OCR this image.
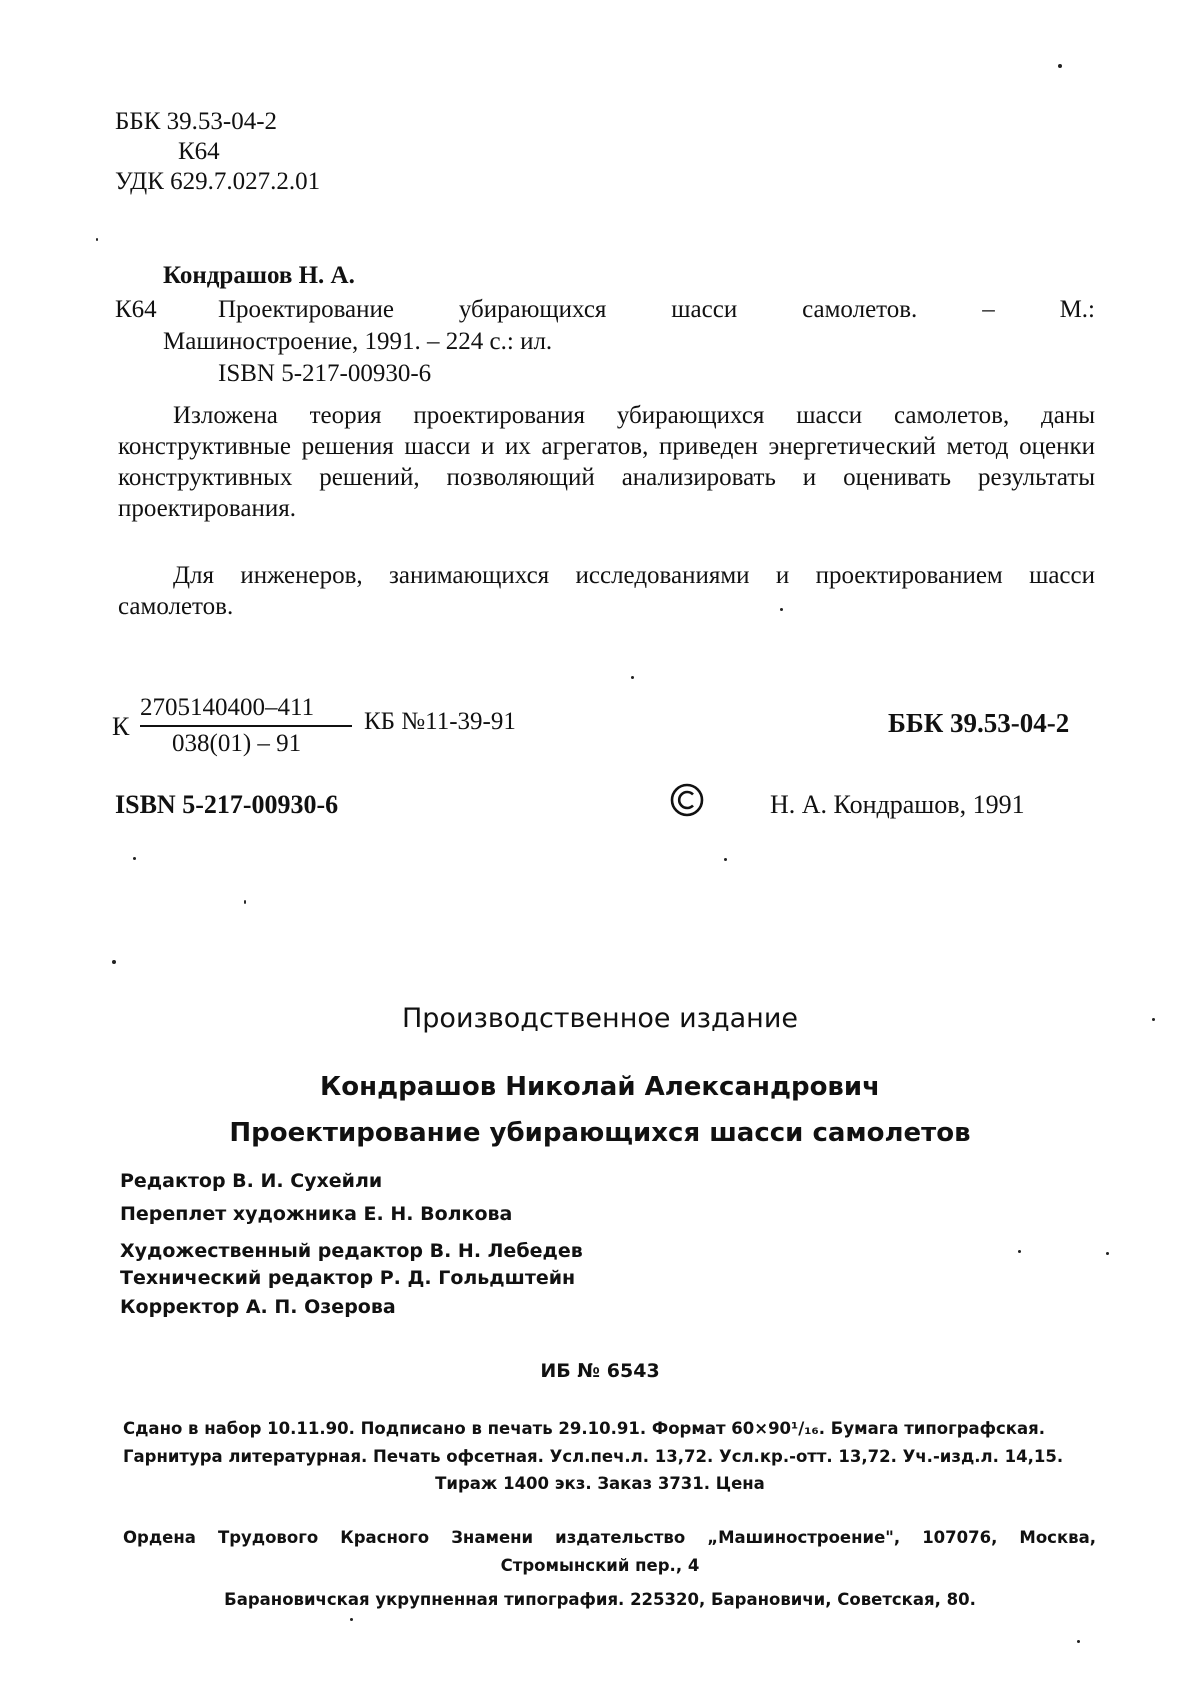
ББК 39.53-04-2
К64
УДК 629.7.027.2.01
Кондрашов Н. А.
К64 Проектирование убирающихся шасси самолетов. – М.:
Машиностроение, 1991. – 224 с.: ил.
ISBN 5-217-00930-6
Изложена теория проектирования убирающихся шасси самолетов, даны конструктивные решения шасси и их агрегатов, приведен энергетический метод оценки конструктивных решений, позволяющий анализировать и оценивать результаты проектирования.
Для инженеров, занимающихся исследованиями и проектированием шасси самолетов.
К
2705140400–411
038(01) – 91
КБ №11-39-91	ББК 39.53-04-2
ISBN 5-217-00930-6	Н. А. Кондрашов, 1991
Производственное издание
Кондрашов Николай Александрович
Проектирование убирающихся шасси самолетов
Редактор В. И. Сухейли
Переплет художника Е. Н. Волкова
Художественный редактор В. Н. Лебедев
Технический редактор Р. Д. Гольдштейн
Корректор А. П. Озерова
ИБ № 6543
Сдано в набор 10.11.90. Подписано в печать 29.10.91. Формат 60×90¹/₁₆. Бумага типографская.
Гарнитура литературная. Печать офсетная. Усл.печ.л. 13,72. Усл.кр.-отт. 13,72. Уч.-изд.л. 14,15.
Тираж 1400 экз. Заказ 3731. Цена
Ордена Трудового Красного Знамени издательство „Машиностроение", 107076, Москва,
Стромынский пер., 4
Барановичская укрупненная типография. 225320, Барановичи, Советская, 80.
